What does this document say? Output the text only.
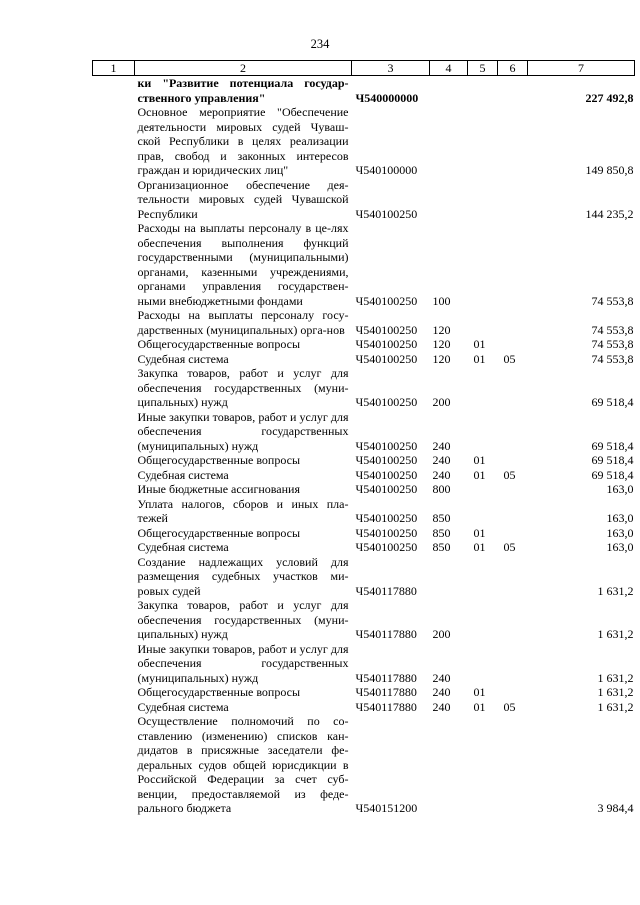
234
1	2	3	4	5	6	7
	ки "Развитие потенциала государ-ственного управления"	Ч540000000				227 492,8
	Основное мероприятие "Обеспечение деятельности мировых судей Чуваш-ской Республики в целях реализации прав, свобод и законных интересов граждан и юридических лиц"	Ч540100000				149 850,8
	Организационное обеспечение дея-тельности мировых судей Чувашской Республики	Ч540100250				144 235,2
	Расходы на выплаты персоналу в це-лях обеспечения выполнения функций государственными (муниципальными) органами, казенными учреждениями, органами управления государствен-ными внебюджетными фондами	Ч540100250	100			74 553,8
	Расходы на выплаты персоналу госу-дарственных (муниципальных) орга-нов	Ч540100250	120			74 553,8
	Общегосударственные вопросы	Ч540100250	120	01		74 553,8
	Судебная система	Ч540100250	120	01	05	74 553,8
	Закупка товаров, работ и услуг для обеспечения государственных (муни-ципальных) нужд	Ч540100250	200			69 518,4
	Иные закупки товаров, работ и услуг для обеспечения государственных (муниципальных) нужд	Ч540100250	240			69 518,4
	Общегосударственные вопросы	Ч540100250	240	01		69 518,4
	Судебная система	Ч540100250	240	01	05	69 518,4
	Иные бюджетные ассигнования	Ч540100250	800			163,0
	Уплата налогов, сборов и иных пла-тежей	Ч540100250	850			163,0
	Общегосударственные вопросы	Ч540100250	850	01		163,0
	Судебная система	Ч540100250	850	01	05	163,0
	Создание надлежащих условий для размещения судебных участков ми-ровых судей	Ч540117880				1 631,2
	Закупка товаров, работ и услуг для обеспечения государственных (муни-ципальных) нужд	Ч540117880	200			1 631,2
	Иные закупки товаров, работ и услуг для обеспечения государственных (муниципальных) нужд	Ч540117880	240			1 631,2
	Общегосударственные вопросы	Ч540117880	240	01		1 631,2
	Судебная система	Ч540117880	240	01	05	1 631,2
	Осуществление полномочий по со-ставлению (изменению) списков кан-дидатов в присяжные заседатели фе-деральных судов общей юрисдикции в Российской Федерации за счет суб-венции, предоставляемой из феде-рального бюджета	Ч540151200				3 984,4
